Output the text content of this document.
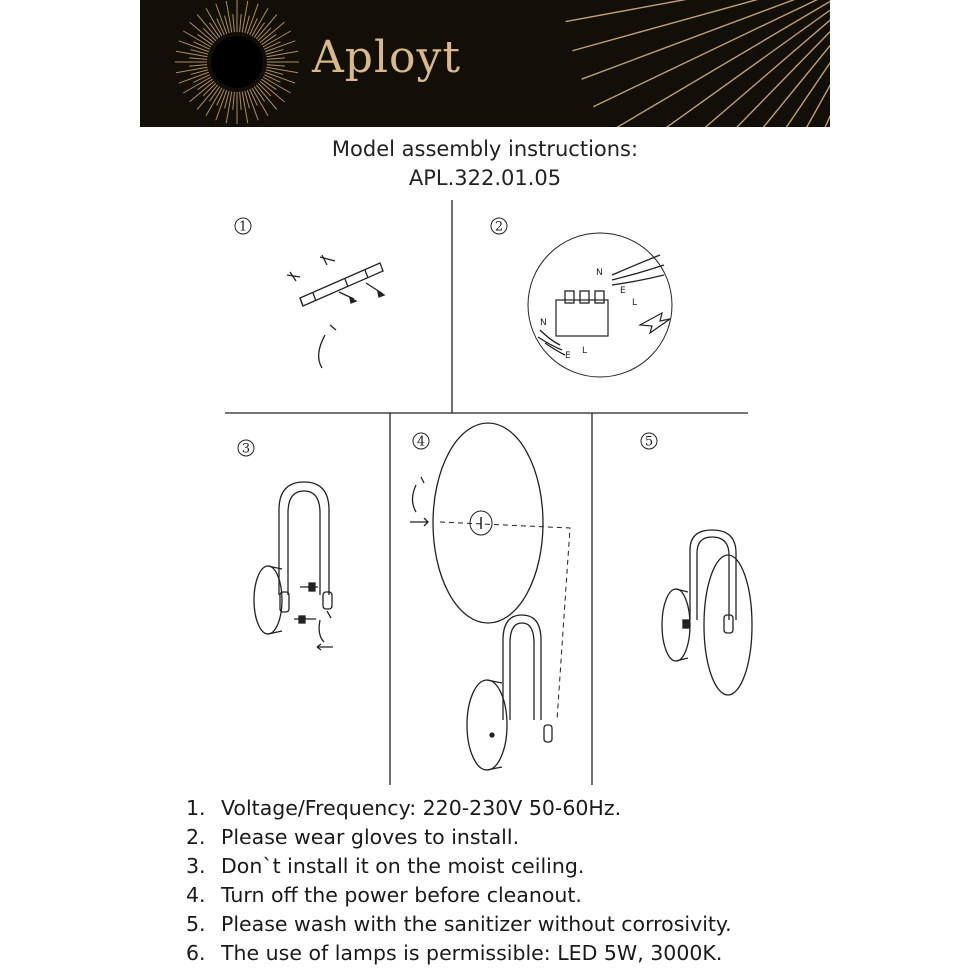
Aployt
Model assembly instructions:
APL.322.01.05
1	2
N
E
L
N
E L
3	4	5
1. Voltage/Frequency: 220-230V 50-60Hz.
2. Please wear gloves to install.
3. Don`t install it on the moist ceiling.
4. Turn off the power before cleanout.
5. Please wash with the sanitizer without corrosivity.
6. The use of lamps is permissible: LED 5W, 3000K.
